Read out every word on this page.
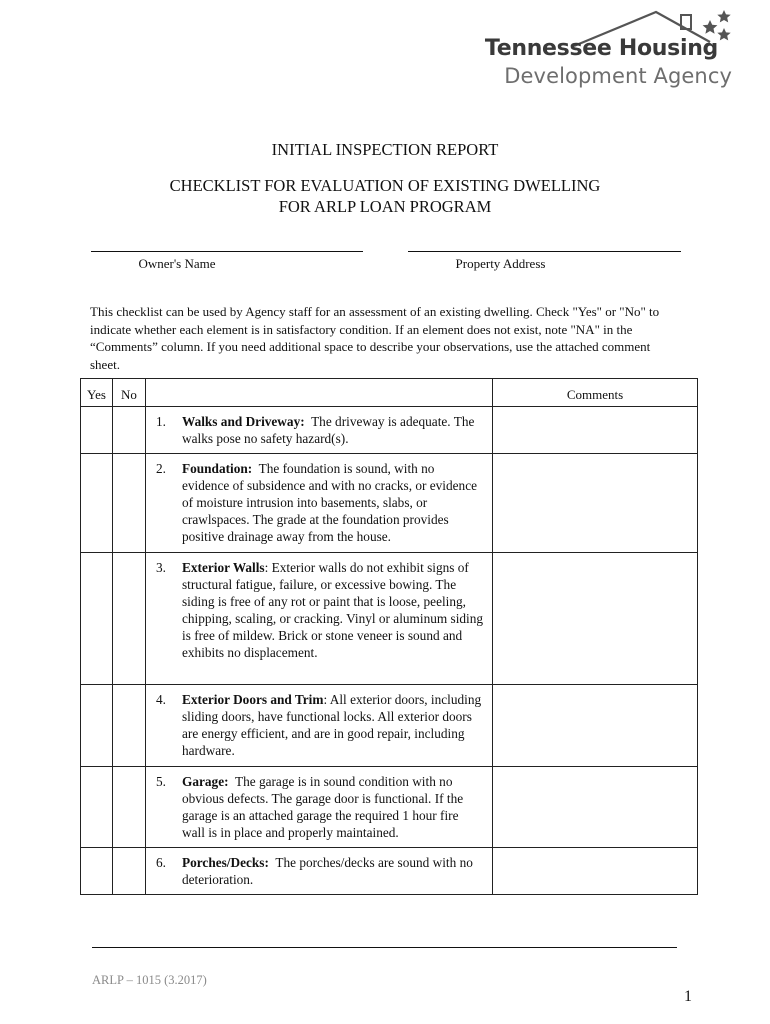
Tennessee Housing
Development Agency
INITIAL INSPECTION REPORT
CHECKLIST FOR EVALUATION OF EXISTING DWELLING
FOR ARLP LOAN PROGRAM
Owner's Name	Property Address
This checklist can be used by Agency staff for an assessment of an existing dwelling. Check "Yes" or "No" to indicate whether each element is in satisfactory condition. If an element does not exist, note "NA" in the “Comments” column. If you need additional space to describe your observations, use the attached comment sheet.
Yes	No		Comments

		1. Walks and Driveway: The driveway is adequate. The walks pose no safety hazard(s).	

		2. Foundation: The foundation is sound, with no evidence of subsidence and with no cracks, or evidence of moisture intrusion into basements, slabs, or crawlspaces. The grade at the foundation provides positive drainage away from the house.	

		3. Exterior Walls: Exterior walls do not exhibit signs of structural fatigue, failure, or excessive bowing. The siding is free of any rot or paint that is loose, peeling, chipping, scaling, or cracking. Vinyl or aluminum siding is free of mildew. Brick or stone veneer is sound and exhibits no displacement.	

		4. Exterior Doors and Trim: All exterior doors, including sliding doors, have functional locks. All exterior doors are energy efficient, and are in good repair, including hardware.	

		5. Garage: The garage is in sound condition with no obvious defects. The garage door is functional. If the garage is an attached garage the required 1 hour fire wall is in place and properly maintained.	

		6. Porches/Decks: The porches/decks are sound with no deterioration.	

ARLP – 1015 (3.2017)
1
